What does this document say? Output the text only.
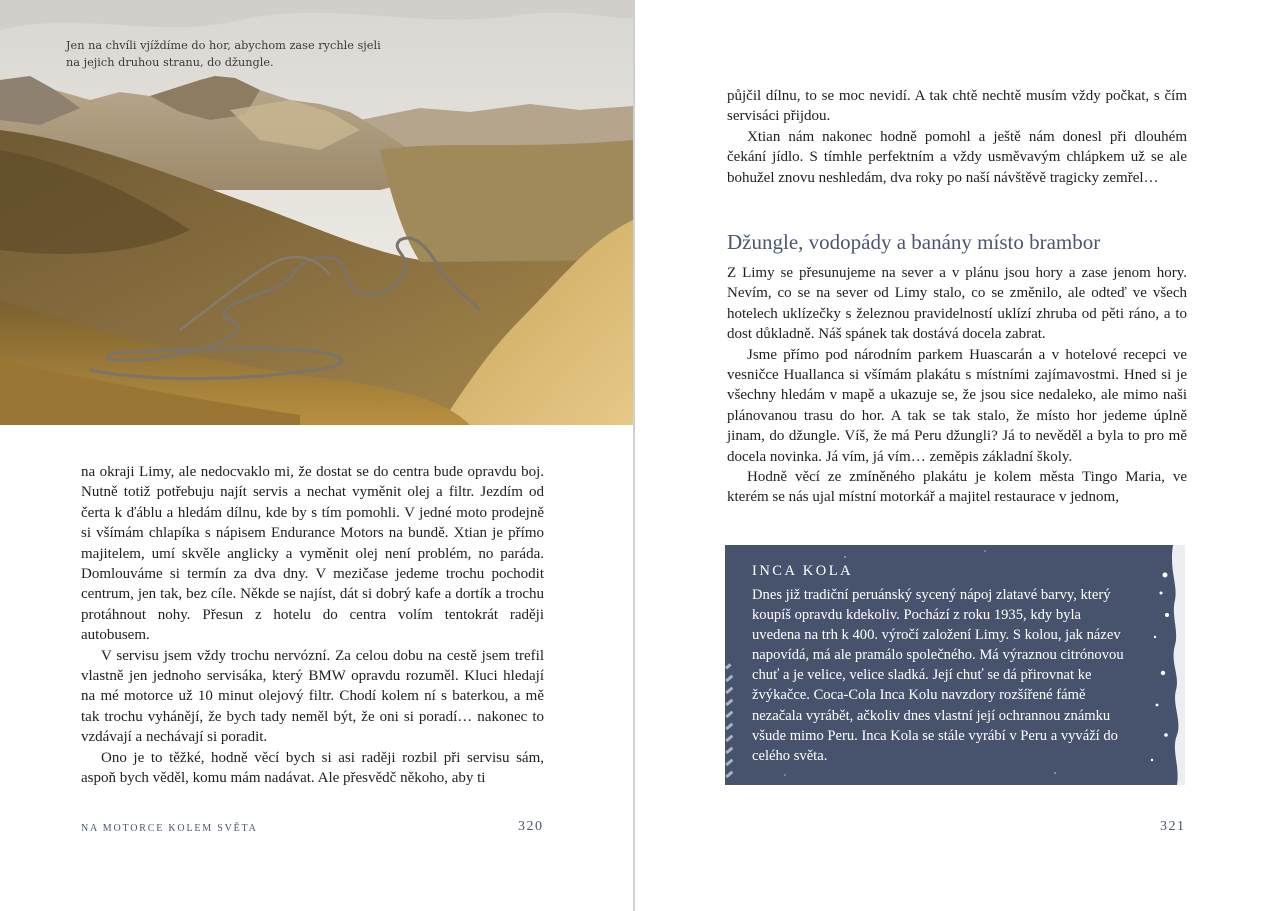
Jen na chvíli vjíždíme do hor, abychom zase rychle sjeli na jejich druhou stranu, do džungle.

na okraji Limy, ale nedocvaklo mi, že dostat se do centra bude opravdu boj. Nutně totiž potřebuju najít servis a nechat vyměnit olej a filtr. Jezdím od čerta k ďáblu a hledám dílnu, kde by s tím pomohli. V jedné moto prodejně si všímám chlapíka s nápisem Endurance Motors na bundě. Xtian je přímo majitelem, umí skvěle anglicky a vyměnit olej není problém, no paráda. Domlouváme si termín za dva dny. V mezičase jedeme trochu pochodit centrum, jen tak, bez cíle. Někde se najíst, dát si dobrý kafe a dortík a trochu protáhnout nohy. Přesun z hotelu do centra volím tentokrát raději autobusem.

V servisu jsem vždy trochu nervózní. Za celou dobu na cestě jsem trefil vlastně jen jednoho servisáka, který BMW opravdu rozuměl. Kluci hledají na mé motorce už 10 minut olejový filtr. Chodí kolem ní s baterkou, a mě tak trochu vyhánějí, že bych tady neměl být, že oni si poradí… nakonec to vzdávají a nechávají si poradit.

Ono je to těžké, hodně věcí bych si asi raději rozbil při servisu sám, aspoň bych věděl, komu mám nadávat. Ale přesvědč někoho, aby ti

NA MOTORCE KOLEM SVĚTA	320

půjčil dílnu, to se moc nevidí. A tak chtě nechtě musím vždy počkat, s čím servisáci přijdou.

Xtian nám nakonec hodně pomohl a ještě nám donesl při dlouhém čekání jídlo. S tímhle perfektním a vždy usměvavým chlápkem už se ale bohužel znovu neshledám, dva roky po naší návštěvě tragicky zemřel…

Džungle, vodopády a banány místo brambor

Z Limy se přesunujeme na sever a v plánu jsou hory a zase jenom hory. Nevím, co se na sever od Limy stalo, co se změnilo, ale odteď ve všech hotelech uklízečky s železnou pravidelností uklízí zhruba od pěti ráno, a to dost důkladně. Náš spánek tak dostává docela zabrat.

Jsme přímo pod národním parkem Huascarán a v hotelové recepci ve vesničce Huallanca si všímám plakátu s místními zajímavostmi. Hned si je všechny hledám v mapě a ukazuje se, že jsou sice nedaleko, ale mimo naši plánovanou trasu do hor. A tak se tak stalo, že místo hor jedeme úplně jinam, do džungle. Víš, že má Peru džungli? Já to nevěděl a byla to pro mě docela novinka. Já vím, já vím… zeměpis základní školy.

Hodně věcí ze zmíněného plakátu je kolem města Tingo Maria, ve kterém se nás ujal místní motorkář a majitel restaurace v jednom,

INCA KOLA

Dnes již tradiční peruánský sycený nápoj zlatavé barvy, který koupíš opravdu kdekoliv. Pochází z roku 1935, kdy byla uvedena na trh k 400. výročí založení Limy. S kolou, jak název napovídá, má ale pramálo společného. Má výraznou citrónovou chuť a je velice, velice sladká. Její chuť se dá přirovnat ke žvýkačce. Coca-Cola Inca Kolu navzdory rozšířené fámě nezačala vyrábět, ačkoliv dnes vlastní její ochrannou známku všude mimo Peru. Inca Kola se stále vyrábí v Peru a vyváží do celého světa.

321
